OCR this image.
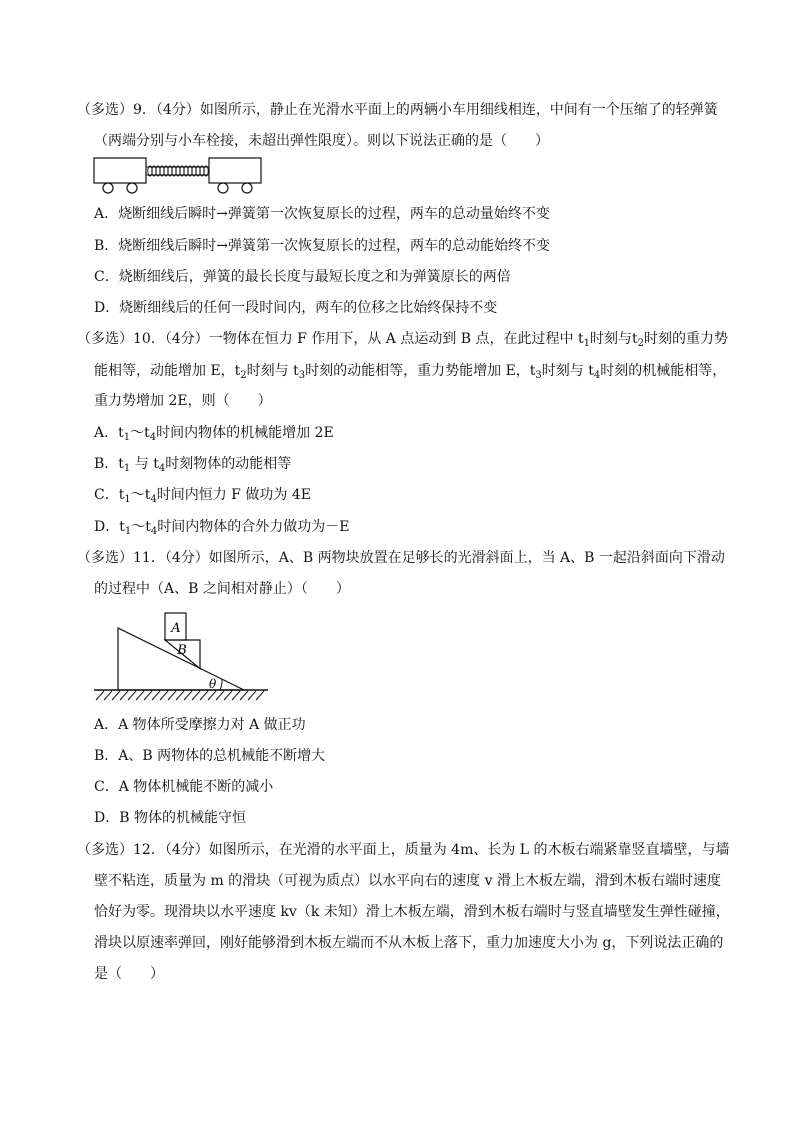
（多选）9．（4分）如图所示，静止在光滑水平面上的两辆小车用细线相连，中间有一个压缩了的轻弹簧
（两端分别与小车栓接，未超出弹性限度）。则以下说法正确的是（　　）
A．烧断细线后瞬时→弹簧第一次恢复原长的过程，两车的总动量始终不变
B．烧断细线后瞬时→弹簧第一次恢复原长的过程，两车的总动能始终不变
C．烧断细线后，弹簧的最长长度与最短长度之和为弹簧原长的两倍
D．烧断细线后的任何一段时间内，两车的位移之比始终保持不变
（多选）10．（4分）一物体在恒力 F 作用下，从 A 点运动到 B 点，在此过程中 $t_1$时刻与$t_2$时刻的重力势
能相等，动能增加 E，$t_2$时刻与 $t_3$时刻的动能相等，重力势能增加 E，$t_3$时刻与 $t_4$时刻的机械能相等，
重力势增加 2E，则（　　）
A．$t_1\sim t_4$时间内物体的机械能增加 2E
B．$t_1$ 与 $t_4$时刻物体的动能相等
C．$t_1\sim t_4$时间内恒力 F 做功为 4E
D．$t_1\sim t_4$时间内物体的合外力做功为－E
（多选）11．（4分）如图所示，A、B 两物块放置在足够长的光滑斜面上，当 A、B 一起沿斜面向下滑动
的过程中（A、B 之间相对静止）（　　）
A
B
θ
A．A 物体所受摩擦力对 A 做正功
B．A、B 两物体的总机械能不断增大
C．A 物体机械能不断的减小
D．B 物体的机械能守恒
（多选）12．（4分）如图所示，在光滑的水平面上，质量为 4m、长为 L 的木板右端紧靠竖直墙壁，与墙
壁不粘连，质量为 m 的滑块（可视为质点）以水平向右的速度 v 滑上木板左端，滑到木板右端时速度
恰好为零。现滑块以水平速度 kv（k 未知）滑上木板左端，滑到木板右端时与竖直墙壁发生弹性碰撞，
滑块以原速率弹回，刚好能够滑到木板左端而不从木板上落下，重力加速度大小为 g，下列说法正确的
是（　　）
